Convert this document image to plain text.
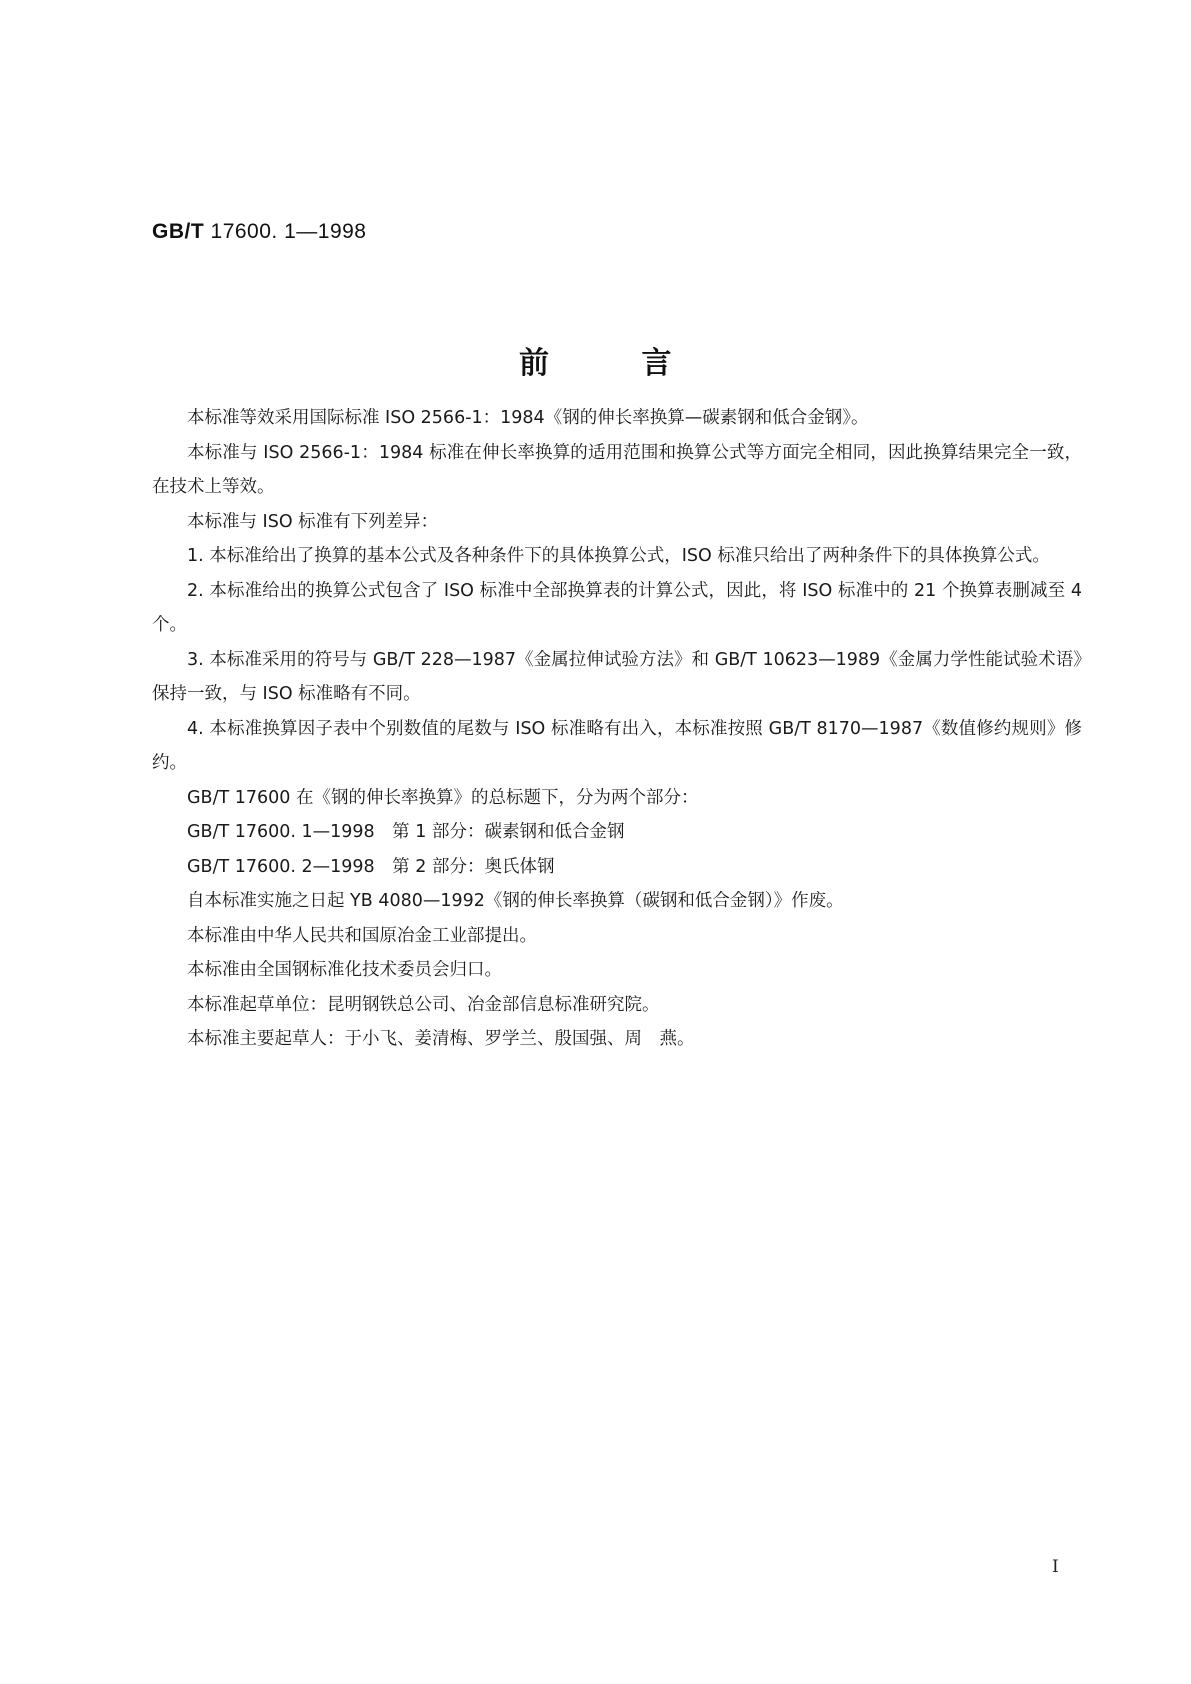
GB/T 17600. 1—1998
前	言

本标准等效采用国际标准 ISO 2566-1：1984《钢的伸长率换算—碳素钢和低合金钢》。

本标准与 ISO 2566-1：1984 标准在伸长率换算的适用范围和换算公式等方面完全相同，因此换算结果完全一致，在技术上等效。

本标准与 ISO 标准有下列差异：

1. 本标准给出了换算的基本公式及各种条件下的具体换算公式，ISO 标准只给出了两种条件下的具体换算公式。

2. 本标准给出的换算公式包含了 ISO 标准中全部换算表的计算公式，因此，将 ISO 标准中的 21 个换算表删减至 4 个。

3. 本标准采用的符号与 GB/T 228—1987《金属拉伸试验方法》和 GB/T 10623—1989《金属力学性能试验术语》保持一致，与 ISO 标准略有不同。

4. 本标准换算因子表中个别数值的尾数与 ISO 标准略有出入，本标准按照 GB/T 8170—1987《数值修约规则》修约。

GB/T 17600 在《钢的伸长率换算》的总标题下，分为两个部分：

GB/T 17600. 1—1998　第 1 部分：碳素钢和低合金钢

GB/T 17600. 2—1998　第 2 部分：奥氏体钢

自本标准实施之日起 YB 4080—1992《钢的伸长率换算（碳钢和低合金钢）》作废。

本标准由中华人民共和国原冶金工业部提出。

本标准由全国钢标准化技术委员会归口。

本标准起草单位：昆明钢铁总公司、冶金部信息标准研究院。

本标准主要起草人：于小飞、姜清梅、罗学兰、殷国强、周　燕。

I
